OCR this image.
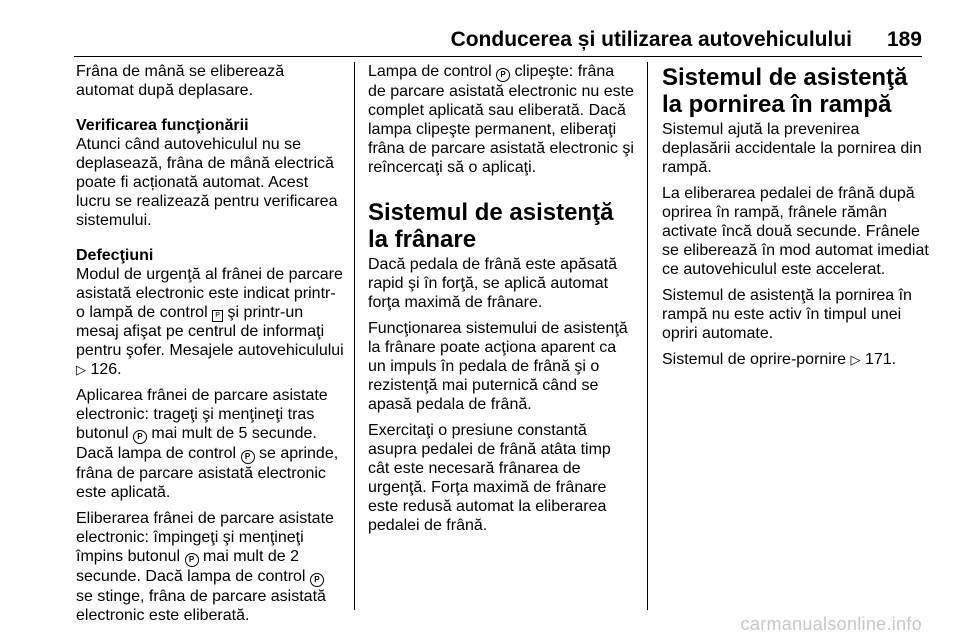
Conducerea și utilizarea autovehiculului 189

Frâna de mână se eliberează automat după deplasare.

Verificarea funcţionării

Atunci când autovehiculul nu se deplasează, frâna de mână electrică poate fi acționată automat. Acest lucru se realizează pentru verificarea sistemului.

Defecţiuni

Modul de urgenţă al frânei de parcare asistată electronic este indicat printr-o lampă de control P şi printr-un mesaj afişat pe centrul de informaţi pentru şofer. Mesajele autovehiculului ▷ 126.

Aplicarea frânei de parcare asistate electronic: trageţi şi menţineţi tras butonul P mai mult de 5 secunde. Dacă lampa de control P se aprinde, frâna de parcare asistată electronic este aplicată.

Eliberarea frânei de parcare asistate electronic: împingeţi şi menţineţi împins butonul P mai mult de 2 secunde. Dacă lampa de control P se stinge, frâna de parcare asistată electronic este eliberată.

Lampa de control P clipeşte: frâna de parcare asistată electronic nu este complet aplicată sau eliberată. Dacă lampa clipeşte permanent, eliberaţi frâna de parcare asistată electronic şi reîncercaţi să o aplicaţi.

Sistemul de asistenţă la frânare

Dacă pedala de frână este apăsată rapid şi în forţă, se aplică automat forţa maximă de frânare.

Funcţionarea sistemului de asistenţă la frânare poate acţiona aparent ca un impuls în pedala de frână şi o rezistenţă mai puternică când se apasă pedala de frână.

Exercitaţi o presiune constantă asupra pedalei de frână atâta timp cât este necesară frânarea de urgenţă. Forţa maximă de frânare este redusă automat la eliberarea pedalei de frână.

Sistemul de asistenţă la pornirea în rampă

Sistemul ajută la prevenirea deplasării accidentale la pornirea din rampă.

La eliberarea pedalei de frână după oprirea în rampă, frânele rămân activate încă două secunde. Frânele se eliberează în mod automat imediat ce autovehiculul este accelerat.

Sistemul de asistenţă la pornirea în rampă nu este activ în timpul unei opriri automate.

Sistemul de oprire-pornire ▷ 171.

carmanualsonline.info
